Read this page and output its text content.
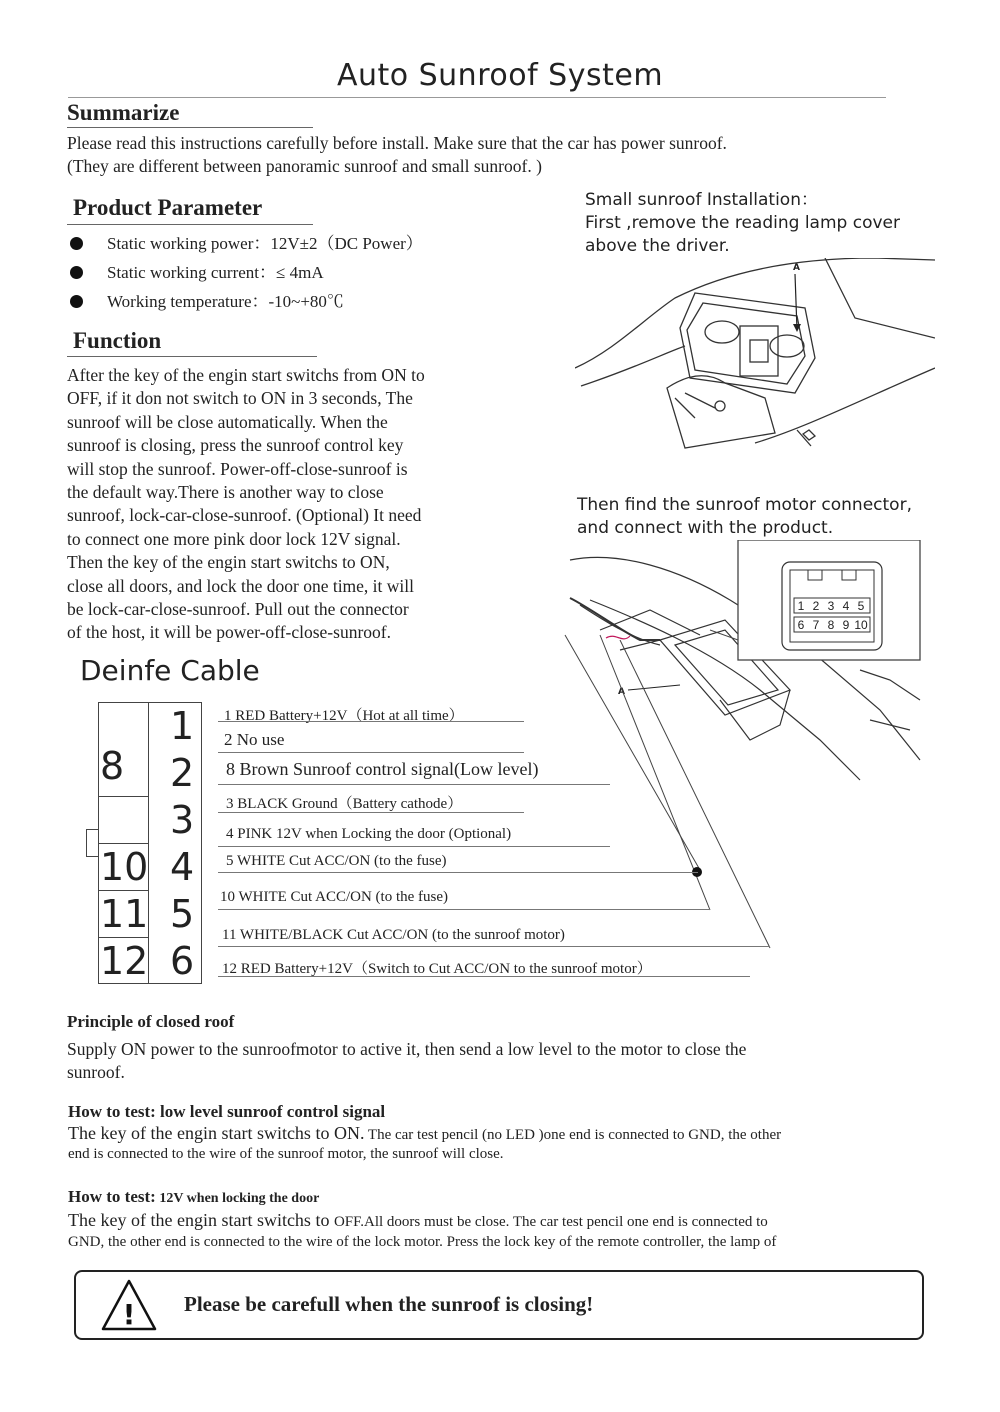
Auto Sunroof System
Summarize
Please read this instructions carefully before install. Make sure that the car has power sunroof.
(They are different between panoramic sunroof and small sunroof. )
Product Parameter
Static working power：12V±2（DC Power）
Static working current：≤ 4mA
Working temperature：-10~+80℃
Function
After the key of the engin start switchs from ON to
OFF, if it don not switch to ON in 3 seconds, The
sunroof will be close automatically. When the
sunroof is closing, press the sunroof control key
will stop the sunroof. Power-off-close-sunroof is
the default way.There is another way to close
sunroof, lock-car-close-sunroof. (Optional) It need
to connect one more pink door lock 12V signal.
Then the key of the engin start switchs to ON,
close all doors, and lock the door one time, it will
be lock-car-close-sunroof. Pull out the connector
of the host, it will be power-off-close-sunroof.
Small sunroof Installation：
First ,remove the reading lamp cover
above the driver.
A
Then find the sunroof motor connector,
and connect with the product.
1 2 3 4 5
6 7 8 9 10
A
Deinfe Cable
8
10
11
12
1
2
3
4
5
6
1 RED Battery+12V（Hot at all time）
2 No use
8 Brown Sunroof control signal(Low level)
3 BLACK Ground（Battery cathode）
4 PINK 12V when Locking the door (Optional)
5 WHITE Cut ACC/ON (to the fuse)
10 WHITE Cut ACC/ON (to the fuse)
11 WHITE/BLACK Cut ACC/ON (to the sunroof motor)
12 RED Battery+12V（Switch to Cut ACC/ON to the sunroof motor）
Principle of closed roof
Supply ON power to the sunroofmotor to active it, then send a low level to the motor to close the
sunroof.
How to test: low level sunroof control signal
The key of the engin start switchs to ON. The car test pencil (no LED )one end is connected to GND, the other
end is connected to the wire of the sunroof motor, the sunroof will close.
How to test: 12V when locking the door
The key of the engin start switchs to OFF.All doors must be close. The car test pencil one end is connected to
GND, the other end is connected to the wire of the lock motor. Press the lock key of the remote controller, the lamp of
! Please be carefull when the sunroof is closing!
